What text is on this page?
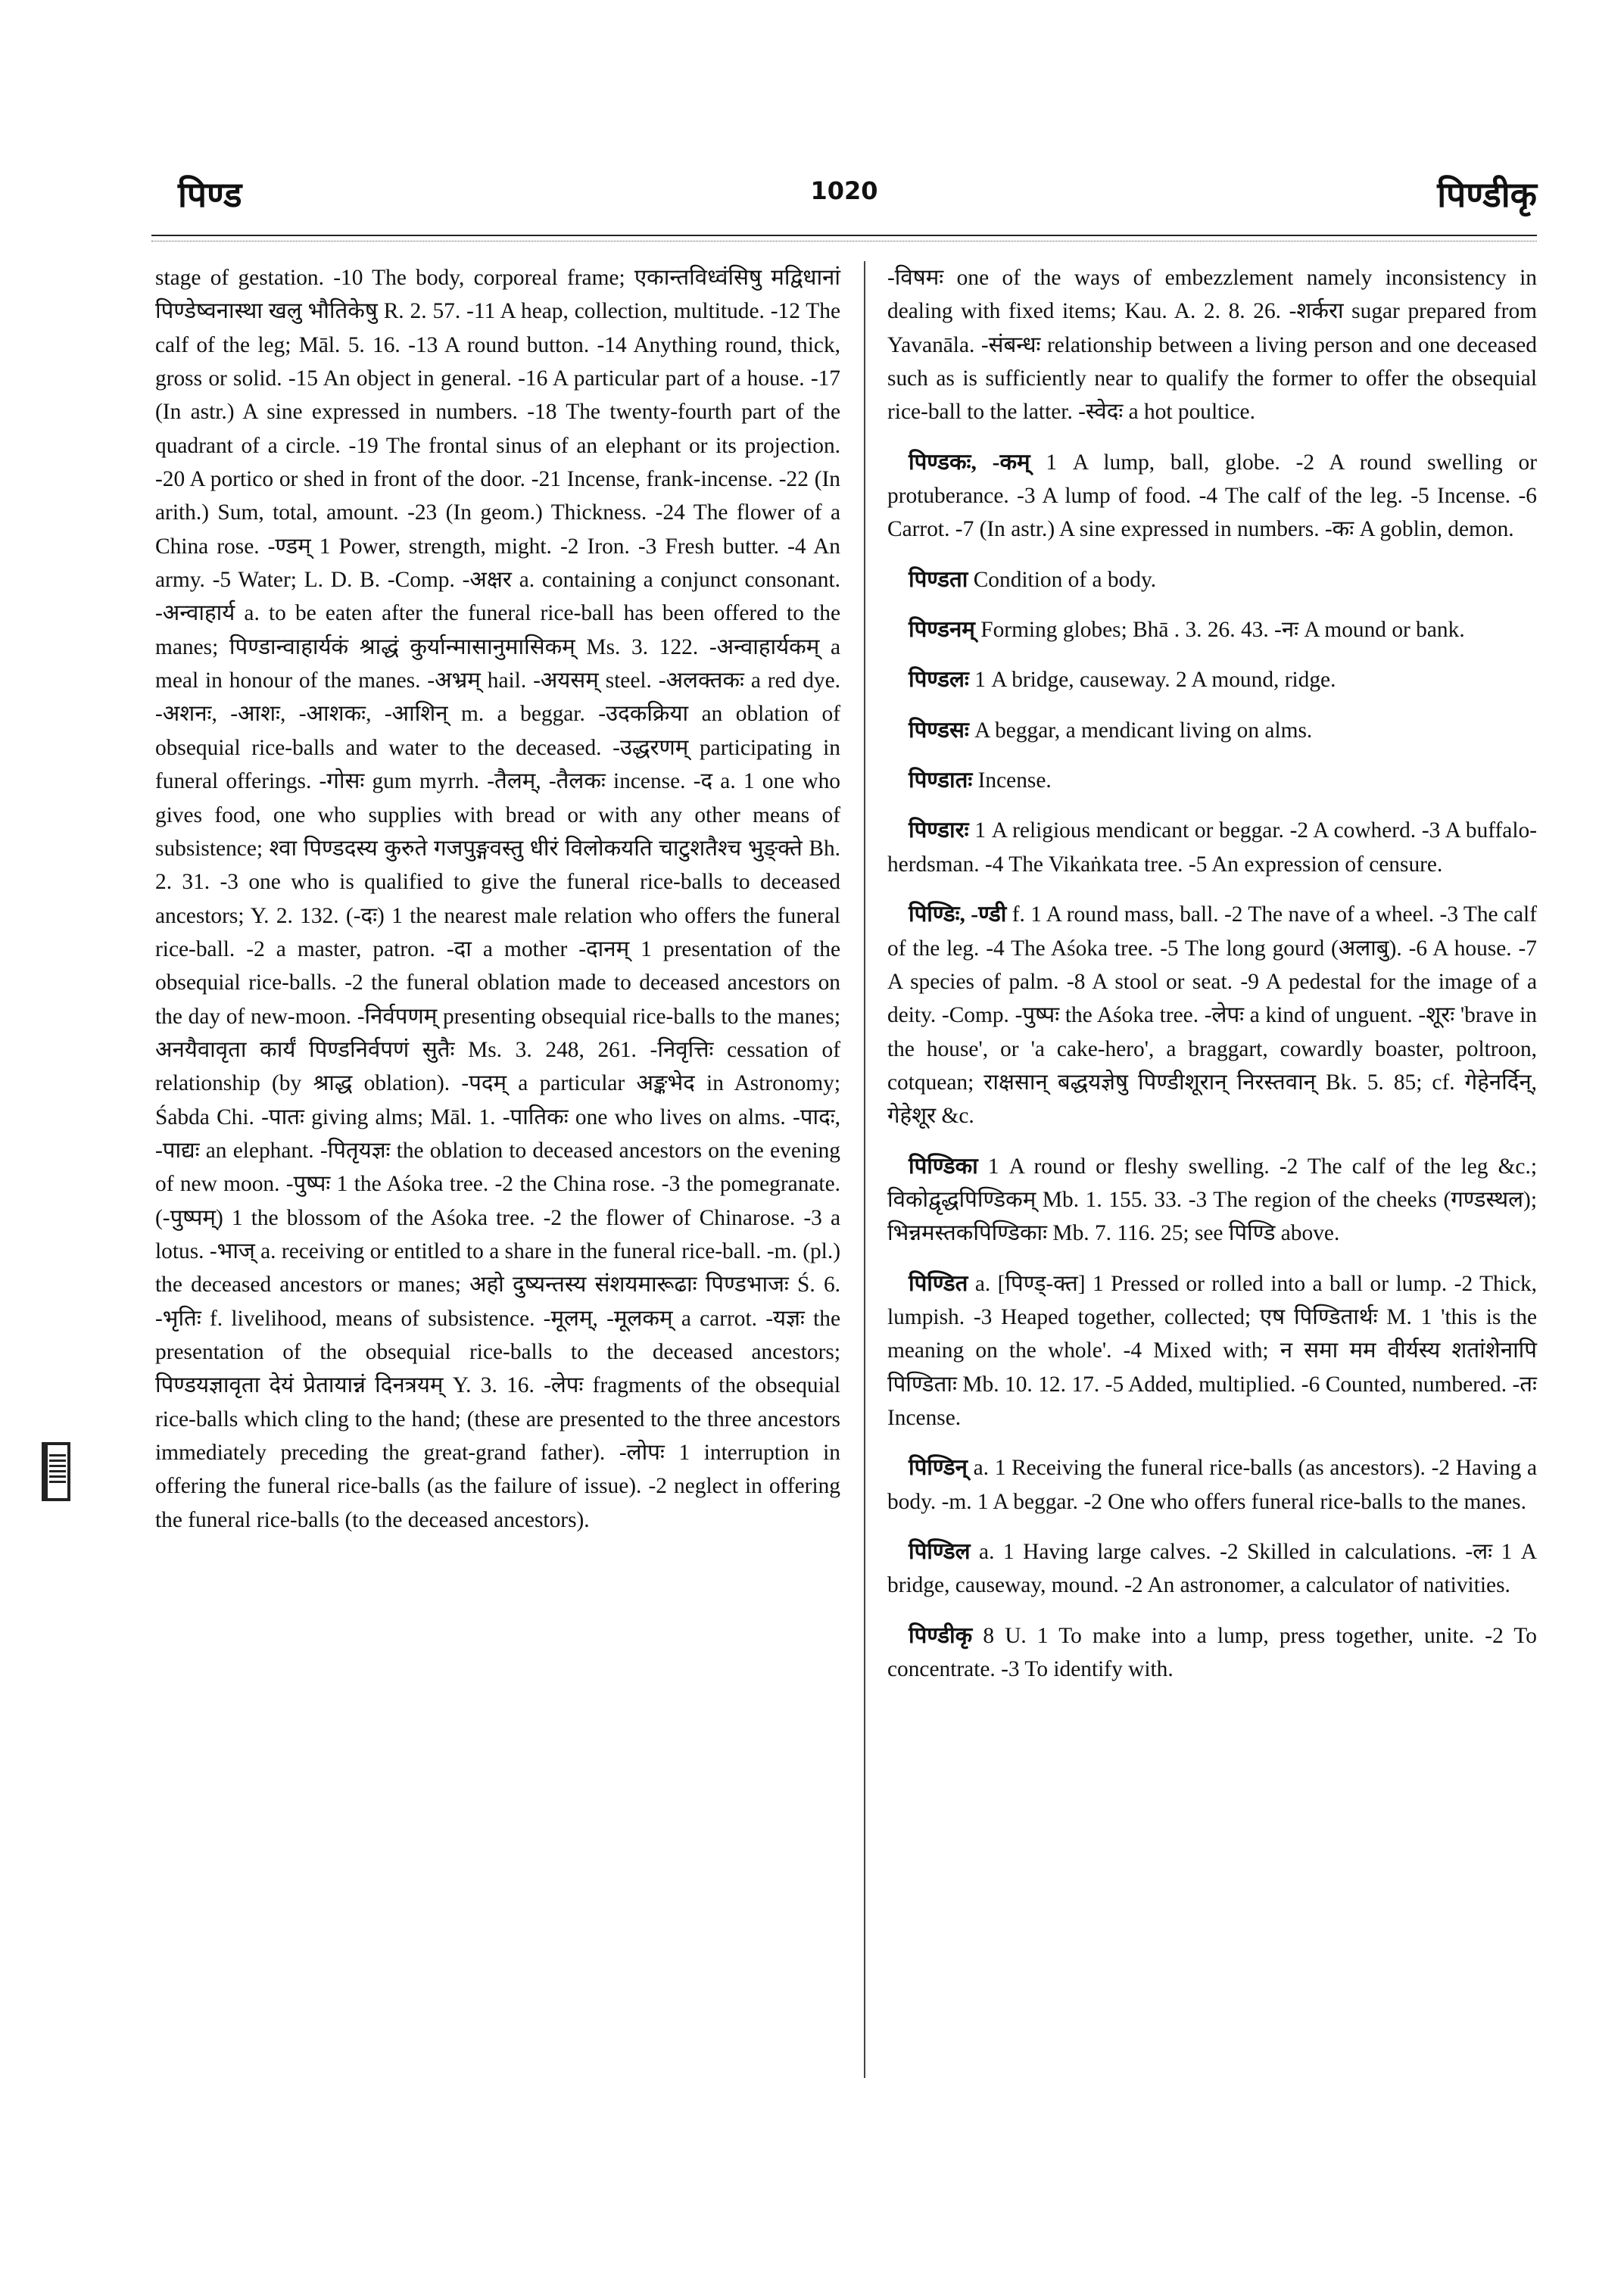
पिण्ड	1020	पिण्डीकृ

stage of gestation. -10 The body, corporeal frame; एकान्तविध्वंसिषु मद्विधानां पिण्डेष्वनास्था खलु भौतिकेषु R. 2. 57. -11 A heap, collection, multitude. -12 The calf of the leg; Māl. 5. 16. -13 A round button. -14 Anything round, thick, gross or solid. -15 An object in general. -16 A particular part of a house. -17 (In astr.) A sine expressed in numbers. -18 The twenty-fourth part of the quadrant of a circle. -19 The frontal sinus of an elephant or its projection. -20 A portico or shed in front of the door. -21 Incense, frank-incense. -22 (In arith.) Sum, total, amount. -23 (In geom.) Thickness. -24 The flower of a China rose. -ण्डम् 1 Power, strength, might. -2 Iron. -3 Fresh butter. -4 An army. -5 Water; L. D. B. -Comp. -अक्षर a. containing a conjunct consonant. -अन्वाहार्य a. to be eaten after the funeral rice-ball has been offered to the manes; पिण्डान्वाहार्यकं श्राद्धं कुर्यान्मासानुमासिकम् Ms. 3. 122. -अन्वाहार्यकम् a meal in honour of the manes. -अभ्रम् hail. -अयसम् steel. -अलक्तकः a red dye. -अशनः, -आशः, -आशकः, -आशिन् m. a beggar. -उदकक्रिया an oblation of obsequial rice-balls and water to the deceased. -उद्धरणम् participating in funeral offerings. -गोसः gum myrrh. -तैलम्, -तैलकः incense. -द a. 1 one who gives food, one who supplies with bread or with any other means of subsistence; श्वा पिण्डदस्य कुरुते गजपुङ्गवस्तु धीरं विलोकयति चाटुशतैश्च भुङ्क्ते Bh. 2. 31. -3 one who is qualified to give the funeral rice-balls to deceased ancestors; Y. 2. 132. (-दः) 1 the nearest male relation who offers the funeral rice-ball. -2 a master, patron. -दा a mother -दानम् 1 presentation of the obsequial rice-balls. -2 the funeral oblation made to deceased ancestors on the day of new-moon. -निर्वपणम् presenting obsequial rice-balls to the manes; अनयैवावृता कार्यं पिण्डनिर्वपणं सुतैः Ms. 3. 248, 261. -निवृत्तिः cessation of relationship (by श्राद्ध oblation). -पदम् a particular अङ्कभेद in Astronomy; Śabda Chi. -पातः giving alms; Māl. 1. -पातिकः one who lives on alms. -पादः, -पाद्यः an elephant. -पितृयज्ञः the oblation to deceased ancestors on the evening of new moon. -पुष्पः 1 the Aśoka tree. -2 the China rose. -3 the pomegranate. (-पुष्पम्) 1 the blossom of the Aśoka tree. -2 the flower of Chinarose. -3 a lotus. -भाज् a. receiving or entitled to a share in the funeral rice-ball. -m. (pl.) the deceased ancestors or manes; अहो दुष्यन्तस्य संशयमारूढाः पिण्डभाजः Ś. 6. -भृतिः f. livelihood, means of subsistence. -मूलम्, -मूलकम् a carrot. -यज्ञः the presentation of the obsequial rice-balls to the deceased ancestors; पिण्डयज्ञावृता देयं प्रेतायान्नं दिनत्रयम् Y. 3. 16. -लेपः fragments of the obsequial rice-balls which cling to the hand; (these are presented to the three ancestors immediately preceding the great-grand father). -लोपः 1 interruption in offering the funeral rice-balls (as the failure of issue). -2 neglect in offering the funeral rice-balls (to the deceased ancestors).

-विषमः one of the ways of embezzlement namely inconsistency in dealing with fixed items; Kau. A. 2. 8. 26. -शर्करा sugar prepared from Yavanāla. -संबन्धः relationship between a living person and one deceased such as is sufficiently near to qualify the former to offer the obsequial rice-ball to the latter. -स्वेदः a hot poultice.

पिण्डकः, -कम् 1 A lump, ball, globe. -2 A round swelling or protuberance. -3 A lump of food. -4 The calf of the leg. -5 Incense. -6 Carrot. -7 (In astr.) A sine expressed in numbers. -कः A goblin, demon.

पिण्डता Condition of a body.

पिण्डनम् Forming globes; Bhā . 3. 26. 43. -नः A mound or bank.

पिण्डलः 1 A bridge, causeway. 2 A mound, ridge.

पिण्डसः A beggar, a mendicant living on alms.

पिण्डातः Incense.

पिण्डारः 1 A religious mendicant or beggar. -2 A cowherd. -3 A buffalo-herdsman. -4 The Vikaṅkata tree. -5 An expression of censure.

पिण्डिः, -ण्डी f. 1 A round mass, ball. -2 The nave of a wheel. -3 The calf of the leg. -4 The Aśoka tree. -5 The long gourd (अलाबु). -6 A house. -7 A species of palm. -8 A stool or seat. -9 A pedestal for the image of a deity. -Comp. -पुष्पः the Aśoka tree. -लेपः a kind of unguent. -शूरः 'brave in the house', or 'a cake-hero', a braggart, cowardly boaster, poltroon, cotquean; राक्षसान् बद्धयज्ञेषु पिण्डीशूरान् निरस्तवान् Bk. 5. 85; cf. गेहेनर्दिन्, गेहेशूर &c.

पिण्डिका 1 A round or fleshy swelling. -2 The calf of the leg &c.; विकोद्वृद्धपिण्डिकम् Mb. 1. 155. 33. -3 The region of the cheeks (गण्डस्थल); भिन्नमस्तकपिण्डिकाः Mb. 7. 116. 25; see पिण्डि above.

पिण्डित a. [पिण्ड्-क्त] 1 Pressed or rolled into a ball or lump. -2 Thick, lumpish. -3 Heaped together, collected; एष पिण्डितार्थः M. 1 'this is the meaning on the whole'. -4 Mixed with; न समा मम वीर्यस्य शतांशेनापि पिण्डिताः Mb. 10. 12. 17. -5 Added, multiplied. -6 Counted, numbered. -तः Incense.

पिण्डिन् a. 1 Receiving the funeral rice-balls (as ancestors). -2 Having a body. -m. 1 A beggar. -2 One who offers funeral rice-balls to the manes.

पिण्डिल a. 1 Having large calves. -2 Skilled in calculations. -लः 1 A bridge, causeway, mound. -2 An astronomer, a calculator of nativities.

पिण्डीकृ 8 U. 1 To make into a lump, press together, unite. -2 To concentrate. -3 To identify with.
